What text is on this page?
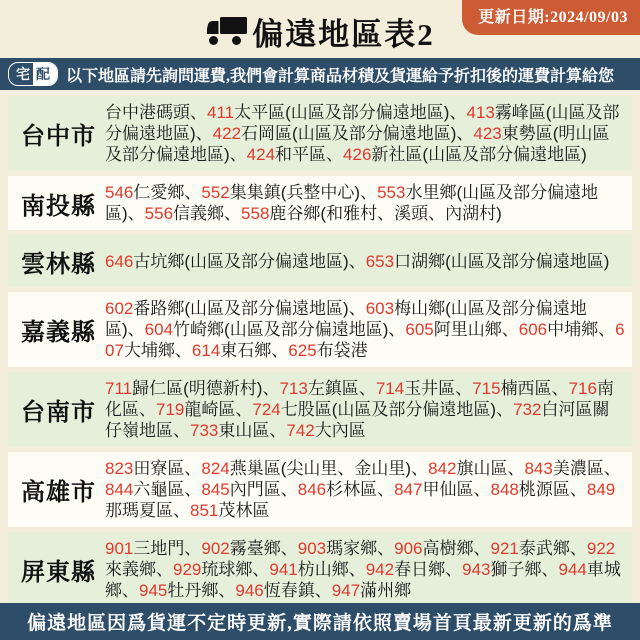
更新日期:2024/09/03
偏遠地區表2
宅 配	以下地區請先詢問運費,我們會計算商品材積及貨運給予折扣後的運費計算給您
台中市
台中港碼頭、411太平區(山區及部分偏遠地區)、413霧峰區(山區及部分偏遠地區)、422石岡區(山區及部分偏遠地區)、423東勢區(明山區及部分偏遠地區)、424和平區、426新社區(山區及部分偏遠地區)
南投縣 546仁愛鄉、552集集鎮(兵整中心)、553水里鄉(山區及部分偏遠地區)、556信義鄉、558鹿谷鄉(和雅村、溪頭、內湖村)
雲林縣 646古坑鄉(山區及部分偏遠地區)、653口湖鄉(山區及部分偏遠地區)
嘉義縣
602番路鄉(山區及部分偏遠地區)、603梅山鄉(山區及部分偏遠地區)、604竹崎鄉(山區及部分偏遠地區)、605阿里山鄉、606中埔鄉、607大埔鄉、614東石鄉、625布袋港
台南市
711歸仁區(明德新村)、713左鎮區、714玉井區、715楠西區、716南化區、719龍崎區、724七股區(山區及部分偏遠地區)、732白河區關仔嶺地區、733東山區、742大內區
高雄市
823田寮區、824燕巢區(尖山里、金山里)、842旗山區、843美濃區、844六龜區、845內門區、846杉林區、847甲仙區、848桃源區、849那瑪夏區、851茂林區
屏東縣
901三地門、902霧臺鄉、903瑪家鄉、906高樹鄉、921泰武鄉、922來義鄉、929琉球鄉、941枋山鄉、942春日鄉、943獅子鄉、944車城鄉、945牡丹鄉、946恆春鎮、947滿州鄉
偏遠地區因爲貨運不定時更新,實際請依照賣場首頁最新更新的爲準
